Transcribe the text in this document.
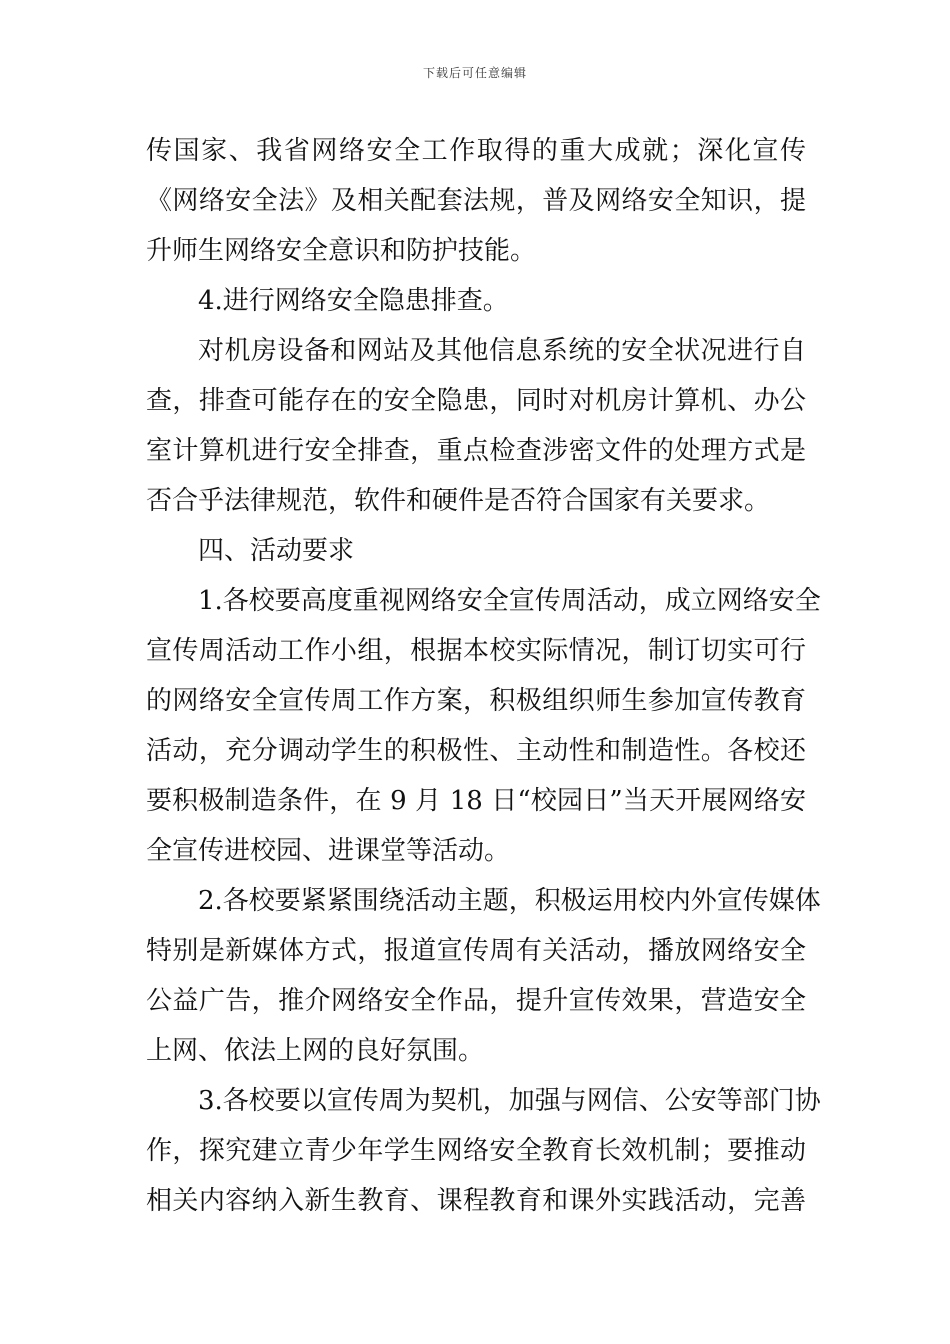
下载后可任意编辑
传国家、我省网络安全工作取得的重大成就；深化宣传
《网络安全法》及相关配套法规，普及网络安全知识，提
升师生网络安全意识和防护技能。
4.进行网络安全隐患排查。
对机房设备和网站及其他信息系统的安全状况进行自
查，排查可能存在的安全隐患，同时对机房计算机、办公
室计算机进行安全排查，重点检查涉密文件的处理方式是
否合乎法律规范，软件和硬件是否符合国家有关要求。
四、活动要求
1.各校要高度重视网络安全宣传周活动，成立网络安全
宣传周活动工作小组，根据本校实际情况，制订切实可行
的网络安全宣传周工作方案，积极组织师生参加宣传教育
活动，充分调动学生的积极性、主动性和制造性。各校还
要积极制造条件，在 9 月 18 日“校园日”当天开展网络安
全宣传进校园、进课堂等活动。
2.各校要紧紧围绕活动主题，积极运用校内外宣传媒体
特别是新媒体方式，报道宣传周有关活动，播放网络安全
公益广告，推介网络安全作品，提升宣传效果，营造安全
上网、依法上网的良好氛围。
3.各校要以宣传周为契机，加强与网信、公安等部门协
作，探究建立青少年学生网络安全教育长效机制；要推动
相关内容纳入新生教育、课程教育和课外实践活动，完善
